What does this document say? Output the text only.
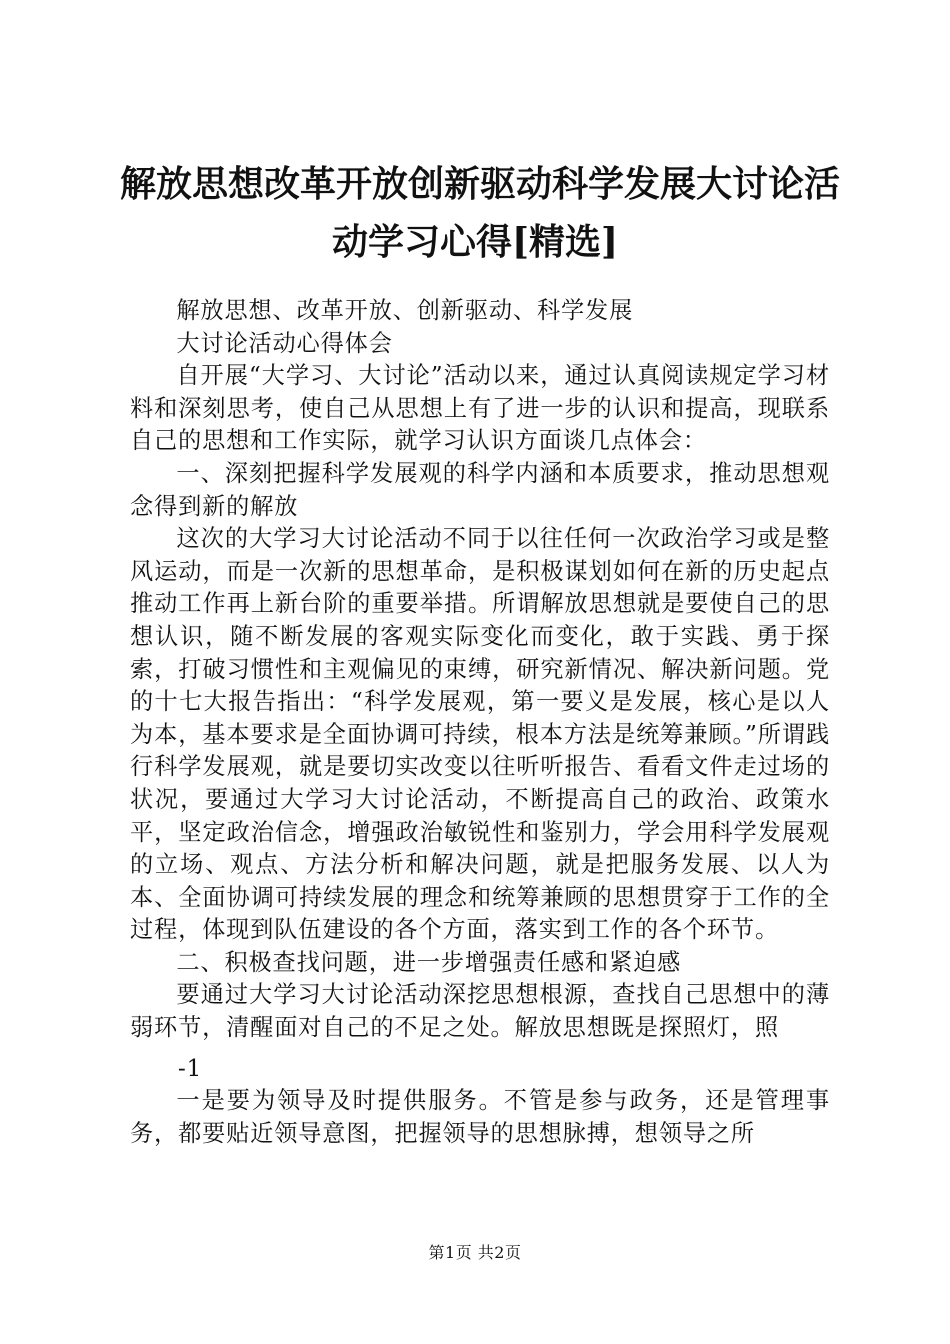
解放思想改革开放创新驱动科学发展大讨论活
动学习心得[精选]

解放思想、改革开放、创新驱动、科学发展

大讨论活动心得体会

自开展“大学习、大讨论”活动以来，通过认真阅读规定学习材料和深刻思考，使自己从思想上有了进一步的认识和提高，现联系自己的思想和工作实际，就学习认识方面谈几点体会：

一、深刻把握科学发展观的科学内涵和本质要求，推动思想观念得到新的解放

这次的大学习大讨论活动不同于以往任何一次政治学习或是整风运动，而是一次新的思想革命，是积极谋划如何在新的历史起点推动工作再上新台阶的重要举措。所谓解放思想就是要使自己的思想认识，随不断发展的客观实际变化而变化，敢于实践、勇于探索，打破习惯性和主观偏见的束缚，研究新情况、解决新问题。党的十七大报告指出：“科学发展观，第一要义是发展，核心是以人为本，基本要求是全面协调可持续，根本方法是统筹兼顾。”所谓践行科学发展观，就是要切实改变以往听听报告、看看文件走过场的状况，要通过大学习大讨论活动，不断提高自己的政治、政策水平，坚定政治信念，增强政治敏锐性和鉴别力，学会用科学发展观的立场、观点、方法分析和解决问题，就是把服务发展、以人为本、全面协调可持续发展的理念和统筹兼顾的思想贯穿于工作的全过程，体现到队伍建设的各个方面，落实到工作的各个环节。

二、积极查找问题，进一步增强责任感和紧迫感

要通过大学习大讨论活动深挖思想根源，查找自己思想中的薄弱环节，清醒面对自己的不足之处。解放思想既是探照灯，照

-1

一是要为领导及时提供服务。不管是参与政务，还是管理事务，都要贴近领导意图，把握领导的思想脉搏，想领导之所

第1页 共2页
